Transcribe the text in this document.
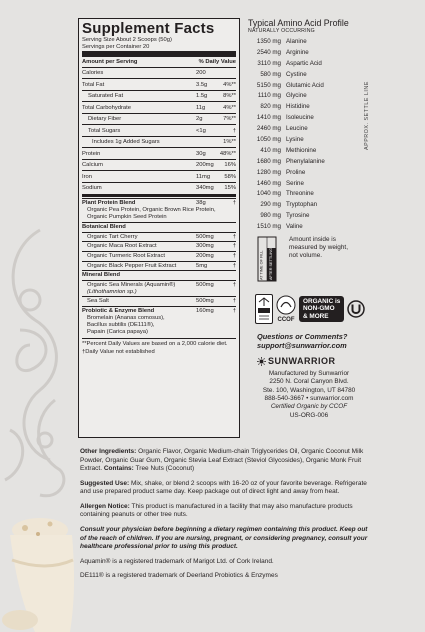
Supplement Facts
Serving Size About 2 Scoops (50g)
Servings per Container 20
Amount per Serving	% Daily Value
Calories	200
Total Fat	3.5g	4%**
Saturated Fat	1.5g	8%**
Total Carbohydrate	11g	4%**
Dietary Fiber	2g	7%**
Total Sugars	<1g	†
Includes 1g Added Sugars	1%**
Protein	30g	48%**
Calcium	200mg	16%
Iron	11mg	58%
Sodium	340mg	15%
Plant Protein Blend	38g	†
Organic Pea Protein, Organic Brown Rice Protein, Organic Pumpkin Seed Protein
Botanical Blend
Organic Tart Cherry	500mg	†
Organic Maca Root Extract	300mg	†
Organic Turmeric Root Extract	200mg	†
Organic Black Pepper Fruit Extract	5mg	†
Mineral Blend
Organic Sea Minerals (Aquamin®)
(Lithothamnion sp.)
500mg	†
Sea Salt	500mg	†
Probiotic & Enzyme Blend	160mg	†
Bromelain (Ananas comosus),
Bacillus subtilis (DE111®),
Papain (Carica papaya)
**Percent Daily Values are based on a 2,000 calorie diet.
†Daily Value not established
Typical Amino Acid Profile
NATURALLY OCCURRING
1350 mg Alanine
2540 mg Arginine
3110 mg Aspartic Acid
580 mg Cystine
5150 mg Glutamic Acid
1110 mg Glycine
820 mg Histidine
1410 mg Isoleucine
2460 mg Leucine
1050 mg Lysine
410 mg Methionine
1680 mg Phenylalanine
1280 mg Proline
1460 mg Serine
1040 mg Threonine
290 mg Tryptophan
980 mg Tyrosine
1510 mg Valine
APPROX. SETTLE LINE
AT TIME OF FILL AFTER SETTLING
Amount inside is measured by weight, not volume.
CCOF
ORGANIC is
NON-GMO
& MORE
Questions or Comments?
support@sunwarrior.com
SUNWARRIOR
Manufactured by Sunwarrior
2250 N. Coral Canyon Blvd.
Ste. 100, Washington, UT 84780
888-540-3667 • sunwarrior.com
Certified Organic by CCOF
US-ORG-006

Other Ingredients: Organic Flavor, Organic Medium-chain Triglycerides Oil, Organic Coconut Milk Powder, Organic Guar Gum, Organic Stevia Leaf Extract (Steviol Glycosides), Organic Monk Fruit Extract. Contains: Tree Nuts (Coconut)

Suggested Use: Mix, shake, or blend 2 scoops with 16-20 oz of your favorite beverage. Refrigerate and use prepared product same day. Keep package out of direct light and away from heat.

Allergen Notice: This product is manufactured in a facility that may also manufacture products containing peanuts or other tree nuts.

Consult your physician before beginning a dietary regimen containing this product. Keep out of the reach of children. If you are nursing, pregnant, or considering pregnancy, consult your healthcare professional prior to using this product.

Aquamin® is a registered trademark of Marigot Ltd. of Cork Ireland.

DE111® is a registered trademark of Deerland Probiotics & Enzymes
